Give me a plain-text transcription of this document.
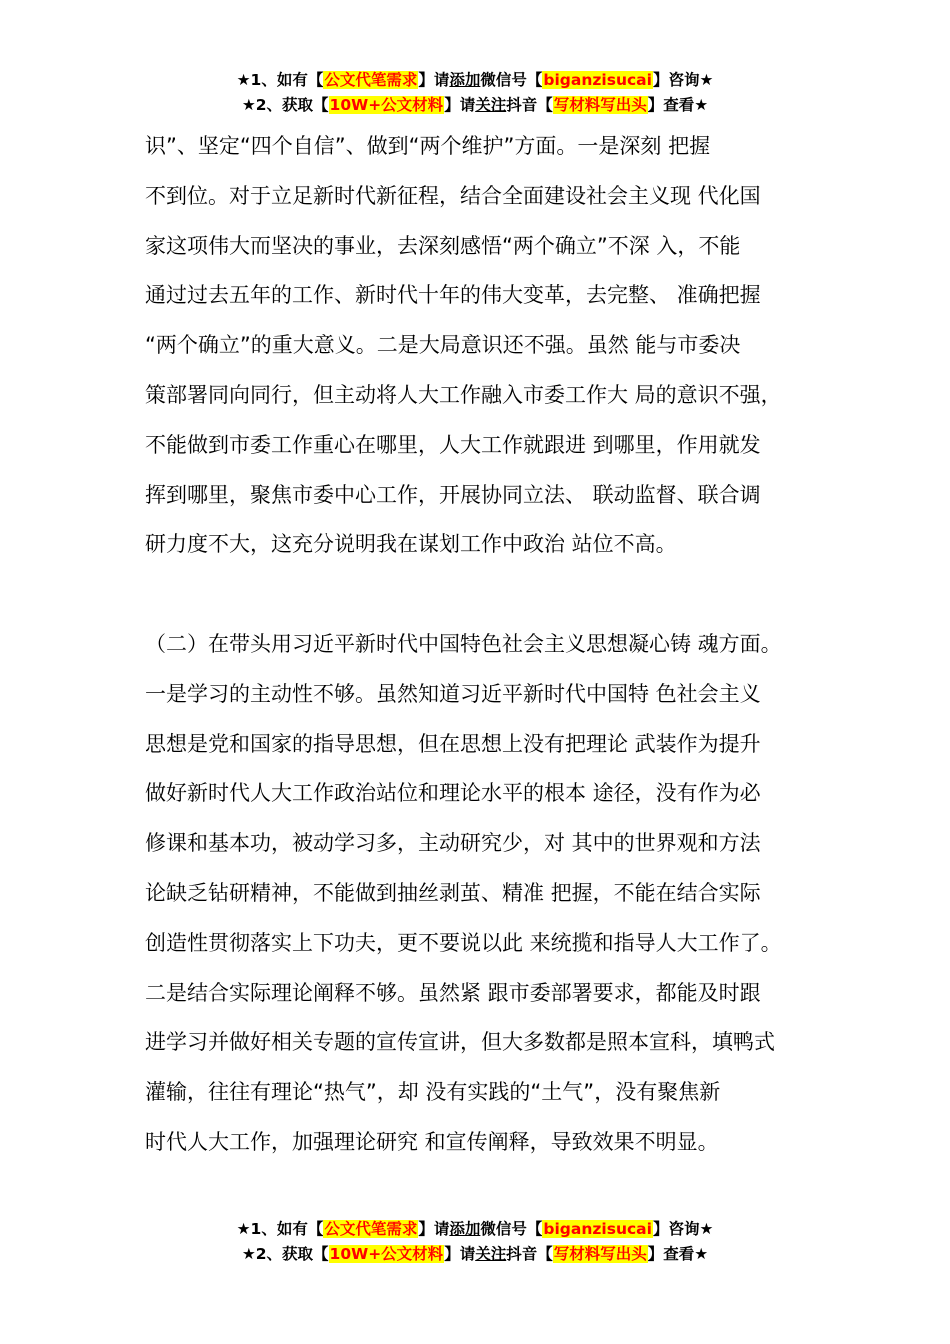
★1、如有【公文代笔需求】请添加微信号【biganzisucai】咨询★
★2、获取【10W+公文材料】请关注抖音【写材料写出头】查看★

识”、坚定“四个自信”、做到“两个维护”方面。一是深刻 把握
不到位。对于立足新时代新征程，结合全面建设社会主义现 代化国
家这项伟大而坚决的事业，去深刻感悟“两个确立”不深 入，不能
通过过去五年的工作、新时代十年的伟大变革，去完整、 准确把握
“两个确立”的重大意义。二是大局意识还不强。虽然 能与市委决
策部署同向同行，但主动将人大工作融入市委工作大 局的意识不强，
不能做到市委工作重心在哪里，人大工作就跟进 到哪里，作用就发
挥到哪里，聚焦市委中心工作，开展协同立法、 联动监督、联合调
研力度不大，这充分说明我在谋划工作中政治 站位不高。

（二）在带头用习近平新时代中国特色社会主义思想凝心铸 魂方面。
一是学习的主动性不够。虽然知道习近平新时代中国特 色社会主义
思想是党和国家的指导思想，但在思想上没有把理论 武装作为提升
做好新时代人大工作政治站位和理论水平的根本 途径，没有作为必
修课和基本功，被动学习多，主动研究少，对 其中的世界观和方法
论缺乏钻研精神，不能做到抽丝剥茧、精准 把握，不能在结合实际
创造性贯彻落实上下功夫，更不要说以此 来统揽和指导人大工作了。
二是结合实际理论阐释不够。虽然紧 跟市委部署要求，都能及时跟
进学习并做好相关专题的宣传宣讲，但大多数都是照本宣科，填鸭式
灌输，往往有理论“热气”，却 没有实践的“土气”，没有聚焦新
时代人大工作，加强理论研究 和宣传阐释，导致效果不明显。

★1、如有【公文代笔需求】请添加微信号【biganzisucai】咨询★
★2、获取【10W+公文材料】请关注抖音【写材料写出头】查看★
